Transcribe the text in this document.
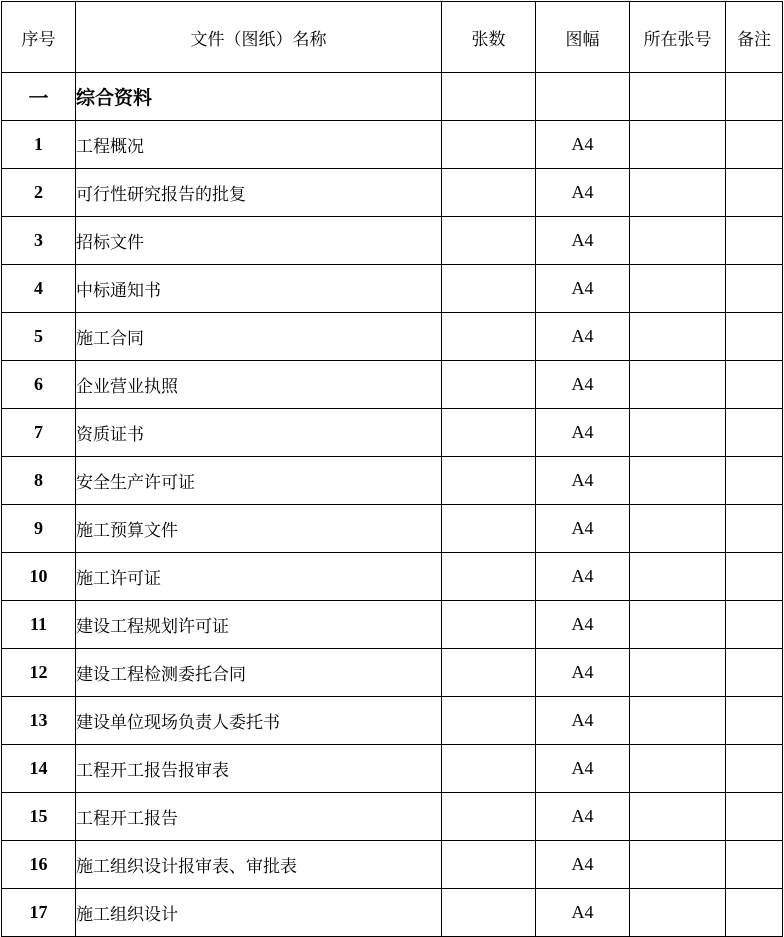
序号	文件（图纸）名称	张数	图幅	所在张号	备注
一	综合资料				
1	工程概况		A4		
2	可行性研究报告的批复		A4		
3	招标文件		A4		
4	中标通知书		A4		
5	施工合同		A4		
6	企业营业执照		A4		
7	资质证书		A4		
8	安全生产许可证		A4		
9	施工预算文件		A4		
10	施工许可证		A4		
11	建设工程规划许可证		A4		
12	建设工程检测委托合同		A4		
13	建设单位现场负责人委托书		A4		
14	工程开工报告报审表		A4		
15	工程开工报告		A4		
16	施工组织设计报审表、审批表		A4		
17	施工组织设计		A4		
